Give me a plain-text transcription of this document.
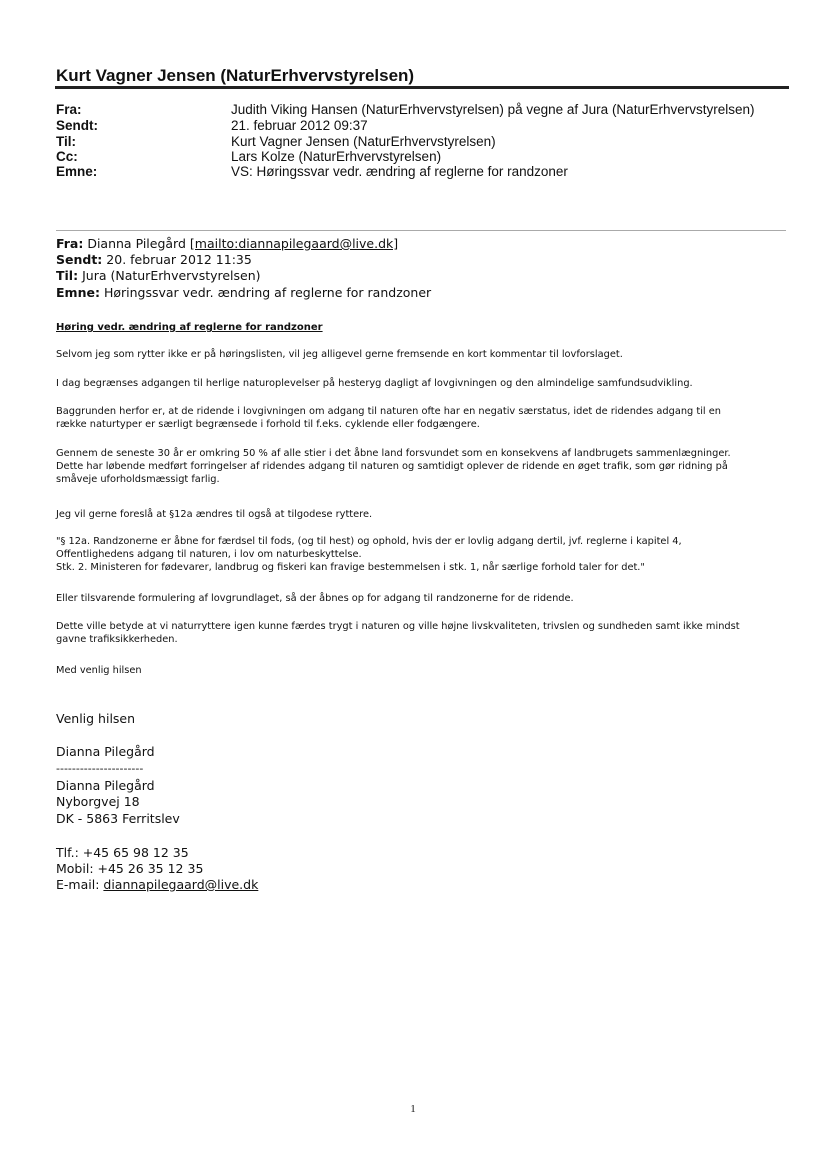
Kurt Vagner Jensen (NaturErhvervstyrelsen)
Fra:	Judith Viking Hansen (NaturErhvervstyrelsen) på vegne af Jura (NaturErhvervstyrelsen)
Sendt:	21. februar 2012 09:37
Til:	Kurt Vagner Jensen (NaturErhvervstyrelsen)
Cc:	Lars Kolze (NaturErhvervstyrelsen)
Emne:	VS: Høringssvar vedr. ændring af reglerne for randzoner
Fra: Dianna Pilegård [mailto:diannapilegaard@live.dk]
Sendt: 20. februar 2012 11:35
Til: Jura (NaturErhvervstyrelsen)
Emne: Høringssvar vedr. ændring af reglerne for randzoner
Høring vedr. ændring af reglerne for randzoner
Selvom jeg som rytter ikke er på høringslisten, vil jeg alligevel gerne fremsende en kort kommentar til lovforslaget.
I dag begrænses adgangen til herlige naturoplevelser på hesteryg dagligt af lovgivningen og den almindelige samfundsudvikling.
Baggrunden herfor er, at de ridende i lovgivningen om adgang til naturen ofte har en negativ særstatus, idet de ridendes adgang til en
række naturtyper er særligt begrænsede i forhold til f.eks. cyklende eller fodgængere.
Gennem de seneste 30 år er omkring 50 % af alle stier i det åbne land forsvundet som en konsekvens af landbrugets sammenlægninger.
Dette har løbende medført forringelser af ridendes adgang til naturen og samtidigt oplever de ridende en øget trafik, som gør ridning på
småveje uforholdsmæssigt farlig.
Jeg vil gerne foreslå at §12a ændres til også at tilgodese ryttere.
"§ 12a. Randzonerne er åbne for færdsel til fods, (og til hest) og ophold, hvis der er lovlig adgang dertil, jvf. reglerne i kapitel 4,
Offentlighedens adgang til naturen, i lov om naturbeskyttelse.
Stk. 2. Ministeren for fødevarer, landbrug og fiskeri kan fravige bestemmelsen i stk. 1, når særlige forhold taler for det."
Eller tilsvarende formulering af lovgrundlaget, så der åbnes op for adgang til randzonerne for de ridende.
Dette ville betyde at vi naturryttere igen kunne færdes trygt i naturen og ville højne livskvaliteten, trivslen og sundheden samt ikke mindst
gavne trafiksikkerheden.
Med venlig hilsen
Venlig hilsen
Dianna Pilegård
----------------------
Dianna Pilegård
Nyborgvej 18
DK - 5863 Ferritslev
Tlf.: +45 65 98 12 35
Mobil: +45 26 35 12 35
E-mail: diannapilegaard@live.dk
1
